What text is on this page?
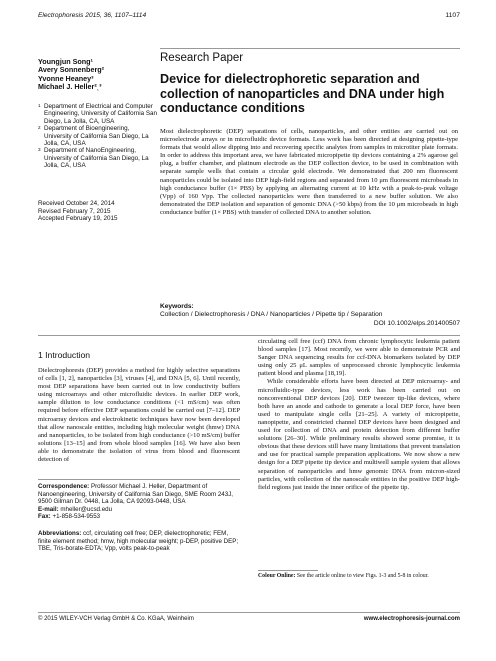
Electrophoresis 2015, 36, 1107–1114	1107
Youngjun Song¹
Avery Sonnenberg²
Yvonne Heaney³
Michael J. Heller²ˎ³
1 Department of Electrical and Computer Engineering, University of California San Diego, La Jolla, CA, USA
2 Department of Bioengineering, University of California San Diego, La Jolla, CA, USA
3 Department of NanoEngineering, University of California San Diego, La Jolla, CA, USA
Received October 24, 2014
Revised February 7, 2015
Accepted February 19, 2015
Research Paper
Device for dielectrophoretic separation and collection of nanoparticles and DNA under high conductance conditions
Most dielectrophoretic (DEP) separations of cells, nanoparticles, and other entities are carried out on microelectrode arrays or in microfluidic device formats. Less work has been directed at designing pipette-type formats that would allow dipping into and recovering specific analytes from samples in microtiter plate formats. In order to address this important area, we have fabricated micropipette tip devices containing a 2% agarose gel plug, a buffer chamber, and platinum electrode as the DEP collection device, to be used in combination with separate sample wells that contain a circular gold electrode. We demonstrated that 200 nm fluorescent nanoparticles could be isolated into DEP high-field regions and separated from 10 μm fluorescent microbeads in high conductance buffer (1× PBS) by applying an alternating current at 10 kHz with a peak-to-peak voltage (Vpp) of 160 Vpp. The collected nanoparticles were then transferred to a new buffer solution. We also demonstrated the DEP isolation and separation of genomic DNA (>50 kbps) from the 10 μm microbeads in high conductance buffer (1× PBS) with transfer of collected DNA to another solution.
Keywords:
Collection / Dielectrophoresis / DNA / Nanoparticles / Pipette tip / Separation
DOI 10.1002/elps.201400507
1 Introduction

Dielectrophoresis (DEP) provides a method for highly selective separations of cells [1, 2], nanoparticles [3], viruses [4], and DNA [5, 6]. Until recently, most DEP separations have been carried out in low conductivity buffers using microarrays and other microfluidic devices. In earlier DEP work, sample dilution to low conductance conditions (<1 mS/cm) was often required before effective DEP separations could be carried out [7–12]. DEP microarray devices and electrokinetic techniques have now been developed that allow nanoscale entities, including high molecular weight (hmw) DNA and nanoparticles, to be isolated from high conductance (>10 mS/cm) buffer solutions [13–15] and from whole blood samples [16]. We have also been able to demonstrate the isolation of virus from blood and fluorescent detection of

circulating cell free (ccf) DNA from chronic lymphocytic leukemia patient blood samples [17]. Most recently, we were able to demonstrate PCR and Sanger DNA sequencing results for ccf-DNA biomarkers isolated by DEP using only 25 μL samples of unprocessed chronic lymphocytic leukemia patient blood and plasma [18,19].

While considerable efforts have been directed at DEP microarray- and microfluidic-type devices, less work has been carried out on nonconventional DEP devices [20]. DEP tweezer tip-like devices, where both have an anode and cathode to generate a local DEP force, have been used to manipulate single cells [21–25]. A variety of micropipette, nanopipette, and constricted channel DEP devices have been designed and used for collection of DNA and protein detection from different buffer solutions [26–30]. While preliminary results showed some promise, it is obvious that these devices still have many limitations that prevent translation and use for practical sample preparation applications. We now show a new design for a DEP pipette tip device and multiwell sample system that allows separation of nanoparticles and hmw genomic DNA from micron-sized particles, with collection of the nanoscale entities in the positive DEP high-field regions just inside the inner orifice of the pipette tip.

Correspondence: Professor Michael J. Heller, Department of Nanoengineering, University of California San Diego, SME Room 243J, 9500 Gilman Dr. 0448, La Jolla, CA 92093-0448, USA
E-mail: mheller@ucsd.edu
Fax: +1-858-534-9553
Abbreviations: ccf, circulating cell free; DEP, dielectrophoretic; FEM, finite element method; hmw, high molecular weight; p-DEP, positive DEP; TBE, Tris-borate-EDTA; Vpp, volts peak-to-peak
Colour Online: See the article online to view Figs. 1-3 and 5-8 in colour.
© 2015 WILEY-VCH Verlag GmbH & Co. KGaA, Weinheim	www.electrophoresis-journal.com
